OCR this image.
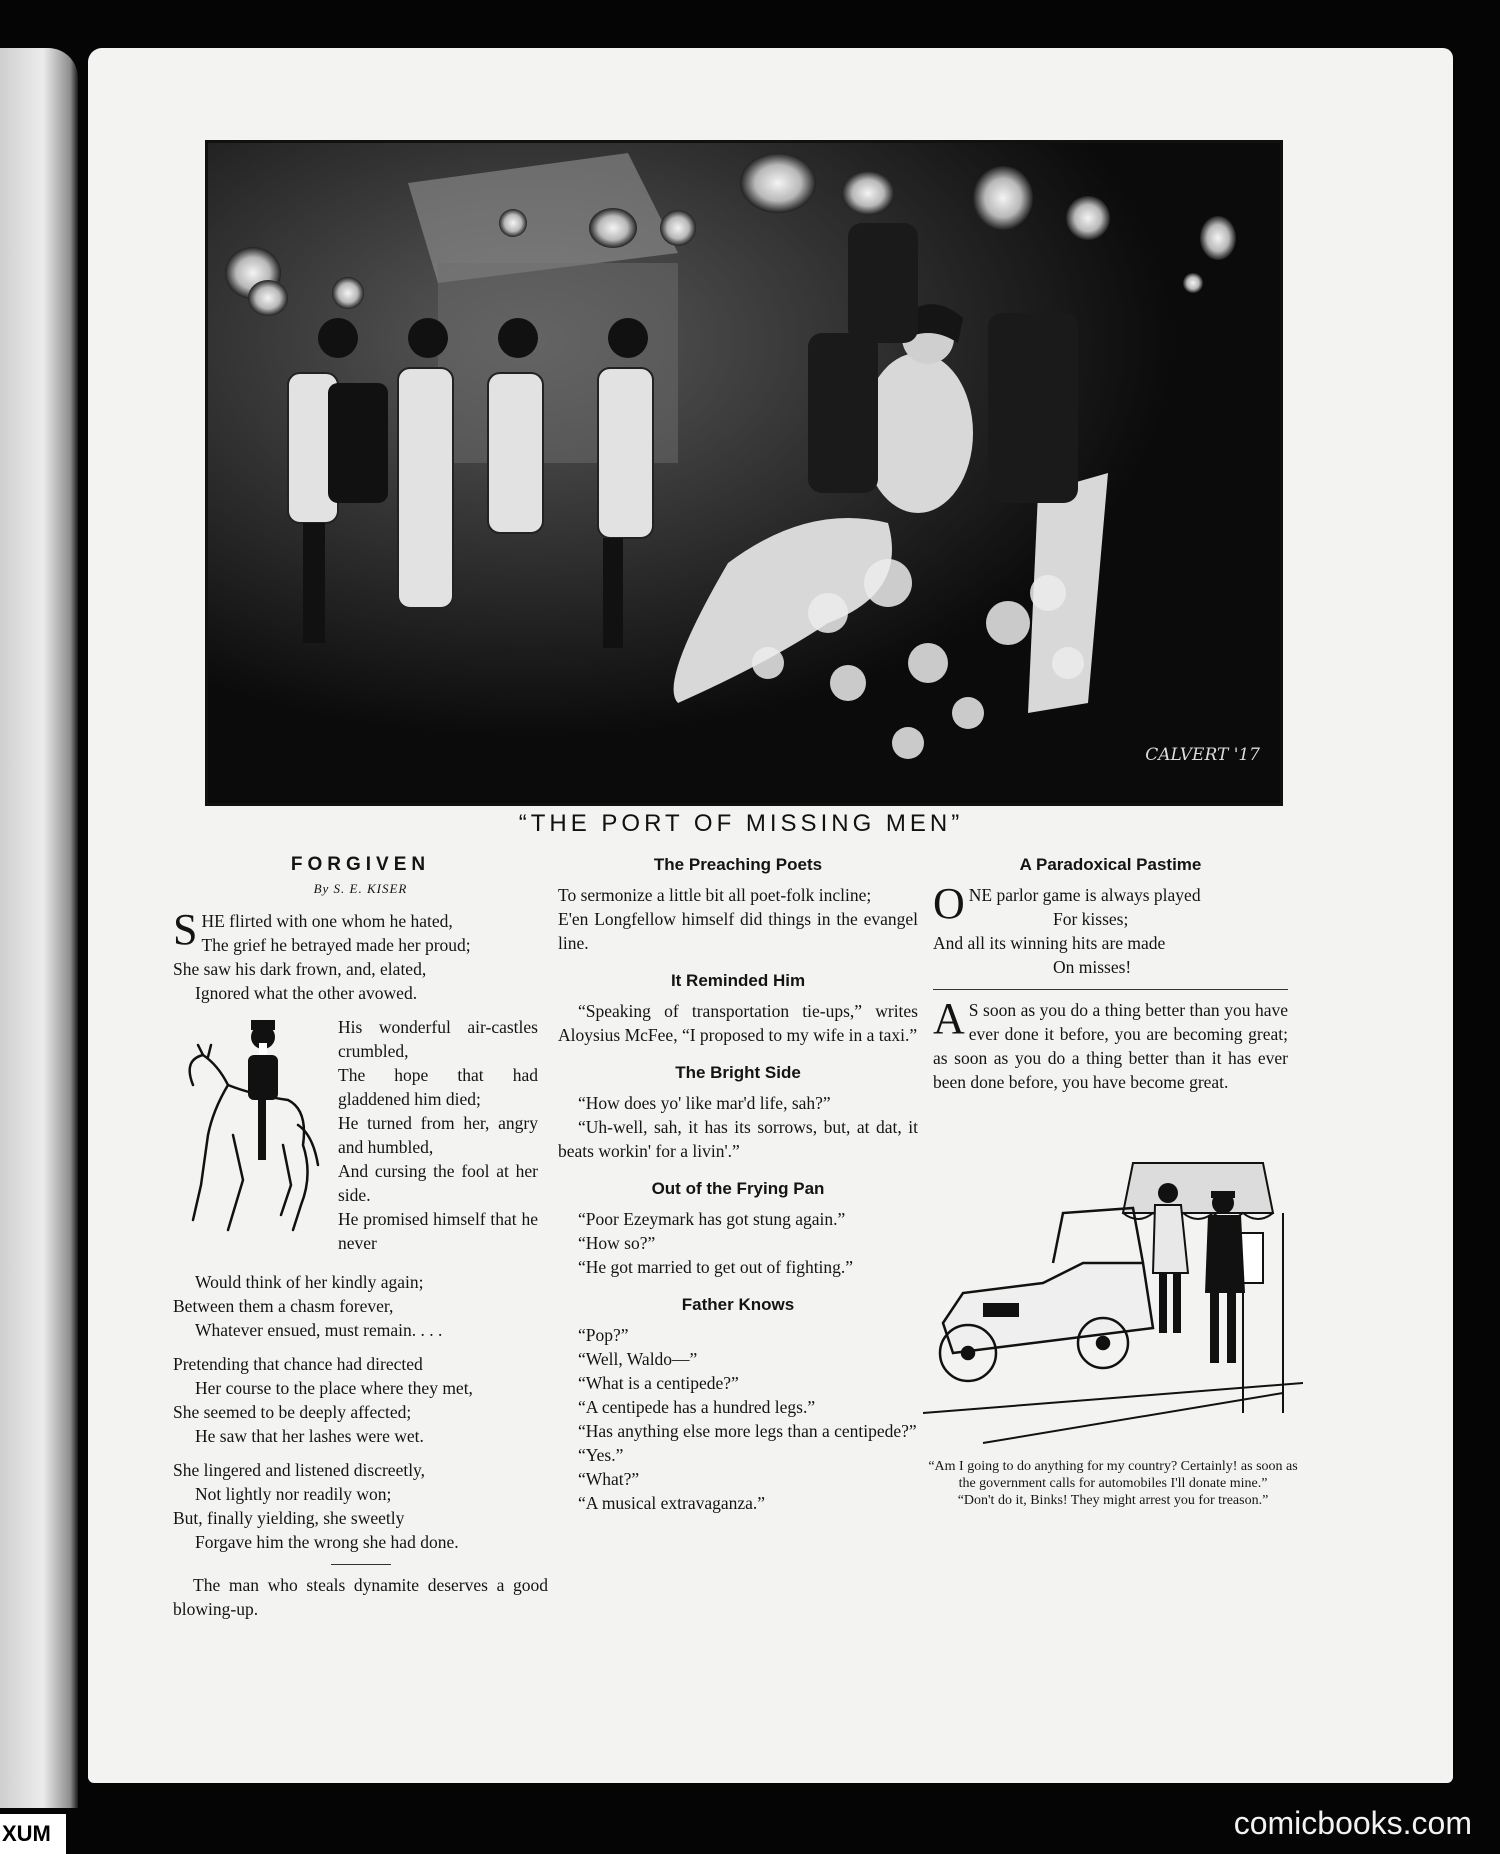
CALVERT '17
“THE PORT OF MISSING MEN”

FORGIVEN

By S. E. KISER

S HE flirted with one whom he hated,
The grief he betrayed made her proud;
She saw his dark frown, and, elated,
Ignored what the other avowed.
His wonderful air-castles crumbled,
The hope that had gladdened him died;
He turned from her, angry and humbled,
And cursing the fool at her side.
He promised himself that he never
Would think of her kindly again;
Between them a chasm forever,
Whatever ensued, must remain. . . .
Pretending that chance had directed
Her course to the place where they met,
She seemed to be deeply affected;
He saw that her lashes were wet.
She lingered and listened discreetly,
Not lightly nor readily won;
But, finally yielding, she sweetly
Forgave him the wrong she had done.

The man who steals dynamite deserves a good blowing-up.

The Preaching Poets

To sermonize a little bit all poet-folk incline;

E'en Longfellow himself did things in the evangel line.

It Reminded Him

“Speaking of transportation tie-ups,” writes Aloysius McFee, “I proposed to my wife in a taxi.”

The Bright Side

“How does yo' like mar'd life, sah?”

“Uh-well, sah, it has its sorrows, but, at dat, it beats workin' for a livin'.”

Out of the Frying Pan

“Poor Ezeymark has got stung again.”

“How so?”

“He got married to get out of fighting.”

Father Knows

“Pop?”

“Well, Waldo—”

“What is a centipede?”

“A centipede has a hundred legs.”

“Has anything else more legs than a centipede?”

“Yes.”

“What?”

“A musical extravaganza.”

A Paradoxical Pastime
O NE parlor game is always played
For kisses;
And all its winning hits are made
On misses!

A S soon as you do a thing better than you have ever done it before, you are becoming great; as soon as you do a thing better than it has ever been done before, you have become great.

“Am I going to do anything for my country? Certainly! as soon as the government calls for automobiles I'll donate mine.”
“Don't do it, Binks! They might arrest you for treason.”
comicbooks.com
XUM
